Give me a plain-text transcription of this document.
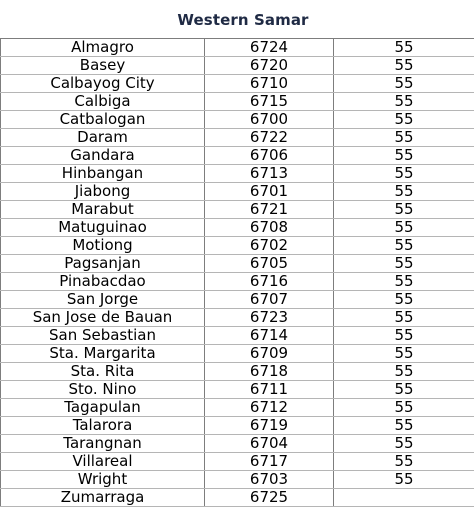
Western Samar
Almagro	6724	55
Basey	6720	55
Calbayog City	6710	55
Calbiga	6715	55
Catbalogan	6700	55
Daram	6722	55
Gandara	6706	55
Hinbangan	6713	55
Jiabong	6701	55
Marabut	6721	55
Matuguinao	6708	55
Motiong	6702	55
Pagsanjan	6705	55
Pinabacdao	6716	55
San Jorge	6707	55
San Jose de Bauan	6723	55
San Sebastian	6714	55
Sta. Margarita	6709	55
Sta. Rita	6718	55
Sto. Nino	6711	55
Tagapulan	6712	55
Talarora	6719	55
Tarangnan	6704	55
Villareal	6717	55
Wright	6703	55
Zumarraga	6725	
